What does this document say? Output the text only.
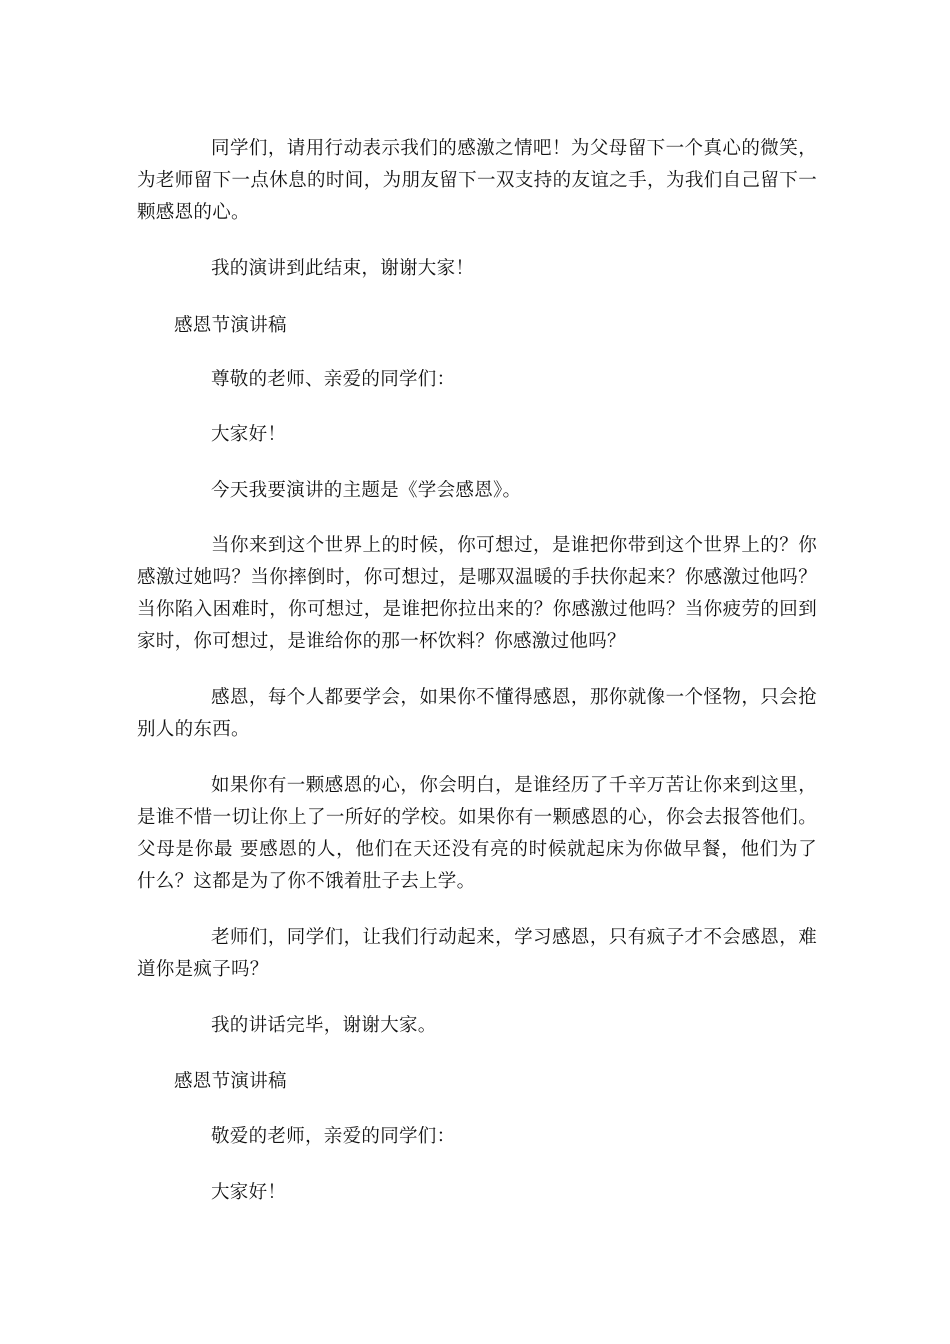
同学们，请用行动表示我们的感激之情吧！为父母留下一个真心的微笑，为老师留下一点休息的时间，为朋友留下一双支持的友谊之手，为我们自己留下一颗感恩的心。

我的演讲到此结束，谢谢大家！

感恩节演讲稿

尊敬的老师、亲爱的同学们：

大家好！

今天我要演讲的主题是《学会感恩》。

当你来到这个世界上的时候，你可想过，是谁把你带到这个世界上的？你感激过她吗？当你摔倒时，你可想过，是哪双温暖的手扶你起来？你感激过他吗？当你陷入困难时，你可想过，是谁把你拉出来的？你感激过他吗？当你疲劳的回到家时，你可想过，是谁给你的那一杯饮料？你感激过他吗？

感恩，每个人都要学会，如果你不懂得感恩，那你就像一个怪物，只会抢别人的东西。

如果你有一颗感恩的心，你会明白，是谁经历了千辛万苦让你来到这里，是谁不惜一切让你上了一所好的学校。如果你有一颗感恩的心，你会去报答他们。父母是你最 要感恩的人，他们在天还没有亮的时候就起床为你做早餐，他们为了什么？这都是为了你不饿着肚子去上学。

老师们，同学们，让我们行动起来，学习感恩，只有疯子才不会感恩，难道你是疯子吗？

我的讲话完毕，谢谢大家。

感恩节演讲稿

敬爱的老师，亲爱的同学们：

大家好！
